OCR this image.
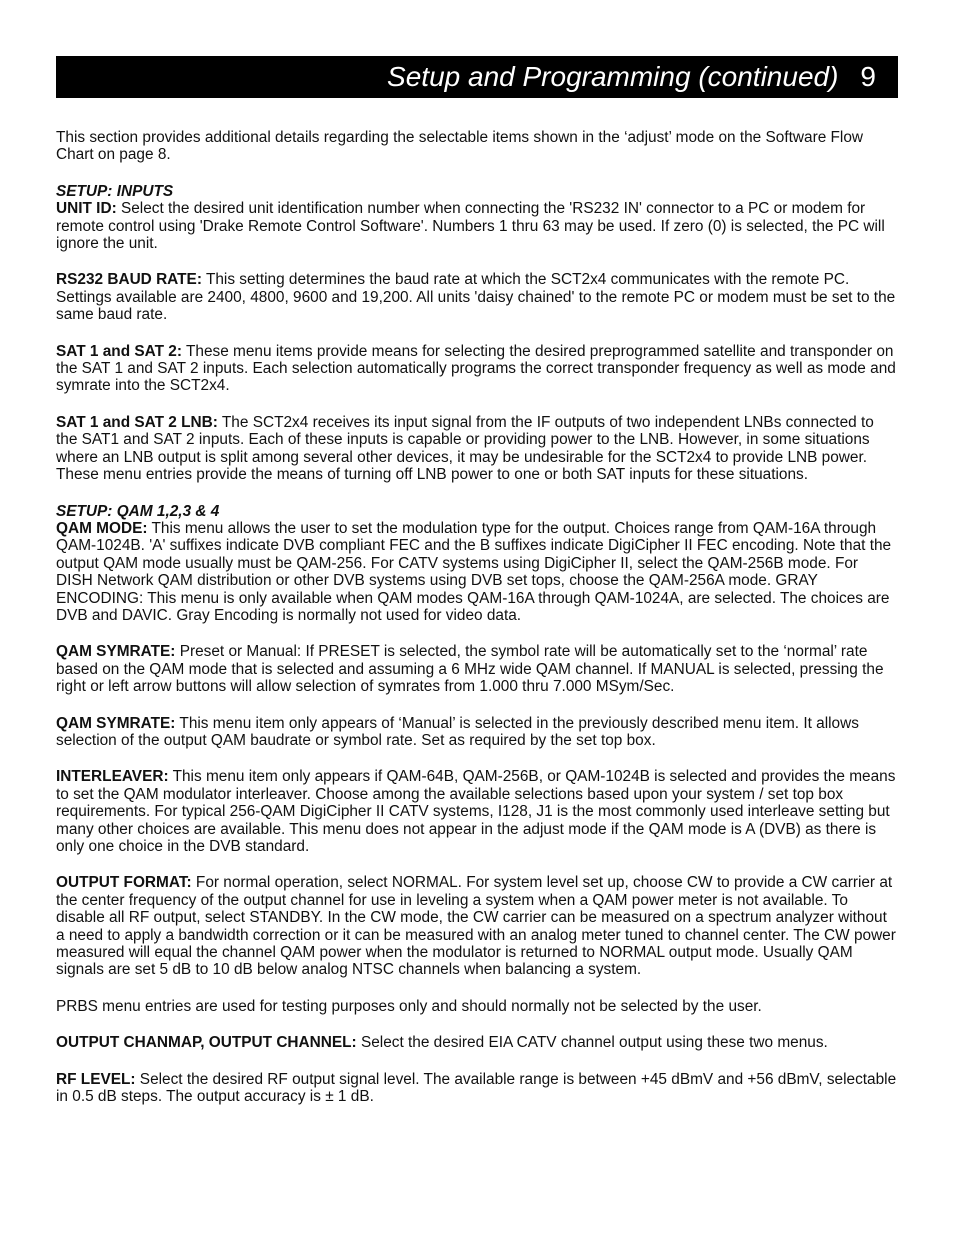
Setup and Programming (continued) 9

This section provides additional details regarding the selectable items shown in the ‘adjust’ mode on the Software Flow Chart on page 8.

SETUP: INPUTS

UNIT ID: Select the desired unit identification number when connecting the 'RS232 IN' connector to a PC or modem for remote control using 'Drake Remote Control Software'. Numbers 1 thru 63 may be used. If zero (0) is selected, the PC will ignore the unit.

RS232 BAUD RATE: This setting determines the baud rate at which the SCT2x4 communicates with the remote PC. Settings available are 2400, 4800, 9600 and 19,200. All units 'daisy chained' to the remote PC or modem must be set to the same baud rate.

SAT 1 and SAT 2: These menu items provide means for selecting the desired preprogrammed satellite and transponder on the SAT 1 and SAT 2 inputs. Each selection automatically programs the correct transponder frequency as well as mode and symrate into the SCT2x4.

SAT 1 and SAT 2 LNB: The SCT2x4 receives its input signal from the IF outputs of two independent LNBs connected to the SAT1 and SAT 2 inputs. Each of these inputs is capable or providing power to the LNB. However, in some situations where an LNB output is split among several other devices, it may be undesirable for the SCT2x4 to provide LNB power. These menu entries provide the means of turning off LNB power to one or both SAT inputs for these situations.

SETUP: QAM 1,2,3 & 4

QAM MODE: This menu allows the user to set the modulation type for the output. Choices range from QAM-16A through QAM-1024B. 'A' suffixes indicate DVB compliant FEC and the B suffixes indicate DigiCipher II FEC encoding. Note that the output QAM mode usually must be QAM-256. For CATV systems using DigiCipher II, select the QAM-256B mode. For DISH Network QAM distribution or other DVB systems using DVB set tops, choose the QAM-256A mode. GRAY ENCODING: This menu is only available when QAM modes QAM-16A through QAM-1024A, are selected. The choices are DVB and DAVIC. Gray Encoding is normally not used for video data.

QAM SYMRATE: Preset or Manual: If PRESET is selected, the symbol rate will be automatically set to the ‘normal’ rate based on the QAM mode that is selected and assuming a 6 MHz wide QAM channel. If MANUAL is selected, pressing the right or left arrow buttons will allow selection of symrates from 1.000 thru 7.000 MSym/Sec.

QAM SYMRATE: This menu item only appears of ‘Manual’ is selected in the previously described menu item. It allows selection of the output QAM baudrate or symbol rate. Set as required by the set top box.

INTERLEAVER: This menu item only appears if QAM-64B, QAM-256B, or QAM-1024B is selected and provides the means to set the QAM modulator interleaver. Choose among the available selections based upon your system / set top box requirements. For typical 256-QAM DigiCipher II CATV systems, I128, J1 is the most commonly used interleave setting but many other choices are available. This menu does not appear in the adjust mode if the QAM mode is A (DVB) as there is only one choice in the DVB standard.

OUTPUT FORMAT: For normal operation, select NORMAL. For system level set up, choose CW to provide a CW carrier at the center frequency of the output channel for use in leveling a system when a QAM power meter is not available. To disable all RF output, select STANDBY. In the CW mode, the CW carrier can be measured on a spectrum analyzer without a need to apply a bandwidth correction or it can be measured with an analog meter tuned to channel center. The CW power measured will equal the channel QAM power when the modulator is returned to NORMAL output mode. Usually QAM signals are set 5 dB to 10 dB below analog NTSC channels when balancing a system.

PRBS menu entries are used for testing purposes only and should normally not be selected by the user.

OUTPUT CHANMAP, OUTPUT CHANNEL: Select the desired EIA CATV channel output using these two menus.

RF LEVEL: Select the desired RF output signal level. The available range is between +45 dBmV and +56 dBmV, selectable in 0.5 dB steps. The output accuracy is ± 1 dB.
